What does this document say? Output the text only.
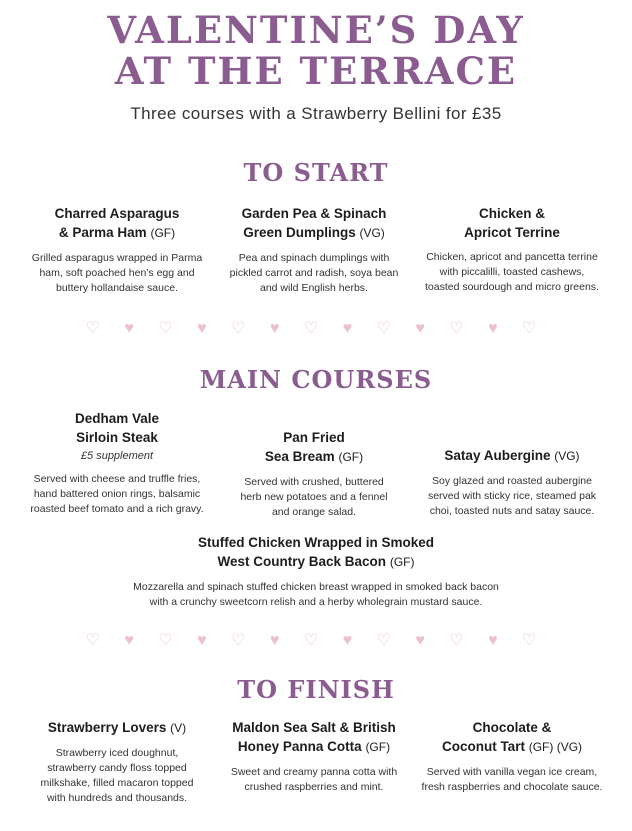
VALENTINE’S DAY
AT THE TERRACE
Three courses with a Strawberry Bellini for £35
TO START
Charred Asparagus
& Parma Ham (GF)
Grilled asparagus wrapped in Parma
ham, soft poached hen’s egg and
buttery hollandaise sauce.
Garden Pea & Spinach
Green Dumplings (VG)
Pea and spinach dumplings with
pickled carrot and radish, soya bean
and wild English herbs.
Chicken &
Apricot Terrine
Chicken, apricot and pancetta terrine
with piccalilli, toasted cashews,
toasted sourdough and micro greens.
♡ ♥ ♡ ♥ ♡ ♥ ♡ ♥ ♡ ♥ ♡ ♥ ♡
MAIN COURSES
Dedham Vale
Sirloin Steak
£5 supplement
Served with cheese and truffle fries,
hand battered onion rings, balsamic
roasted beef tomato and a rich gravy.
Pan Fried
Sea Bream (GF)
Served with crushed, buttered
herb new potatoes and a fennel
and orange salad.
Satay Aubergine (VG)
Soy glazed and roasted aubergine
served with sticky rice, steamed pak
choi, toasted nuts and satay sauce.
Stuffed Chicken Wrapped in Smoked
West Country Back Bacon (GF)
Mozzarella and spinach stuffed chicken breast wrapped in smoked back bacon
with a crunchy sweetcorn relish and a herby wholegrain mustard sauce.
♡ ♥ ♡ ♥ ♡ ♥ ♡ ♥ ♡ ♥ ♡ ♥ ♡
TO FINISH
Strawberry Lovers (V)
Strawberry iced doughnut,
strawberry candy floss topped
milkshake, filled macaron topped
with hundreds and thousands.
Maldon Sea Salt & British
Honey Panna Cotta (GF)
Sweet and creamy panna cotta with
crushed raspberries and mint.
Chocolate &
Coconut Tart (GF) (VG)
Served with vanilla vegan ice cream,
fresh raspberries and chocolate sauce.
